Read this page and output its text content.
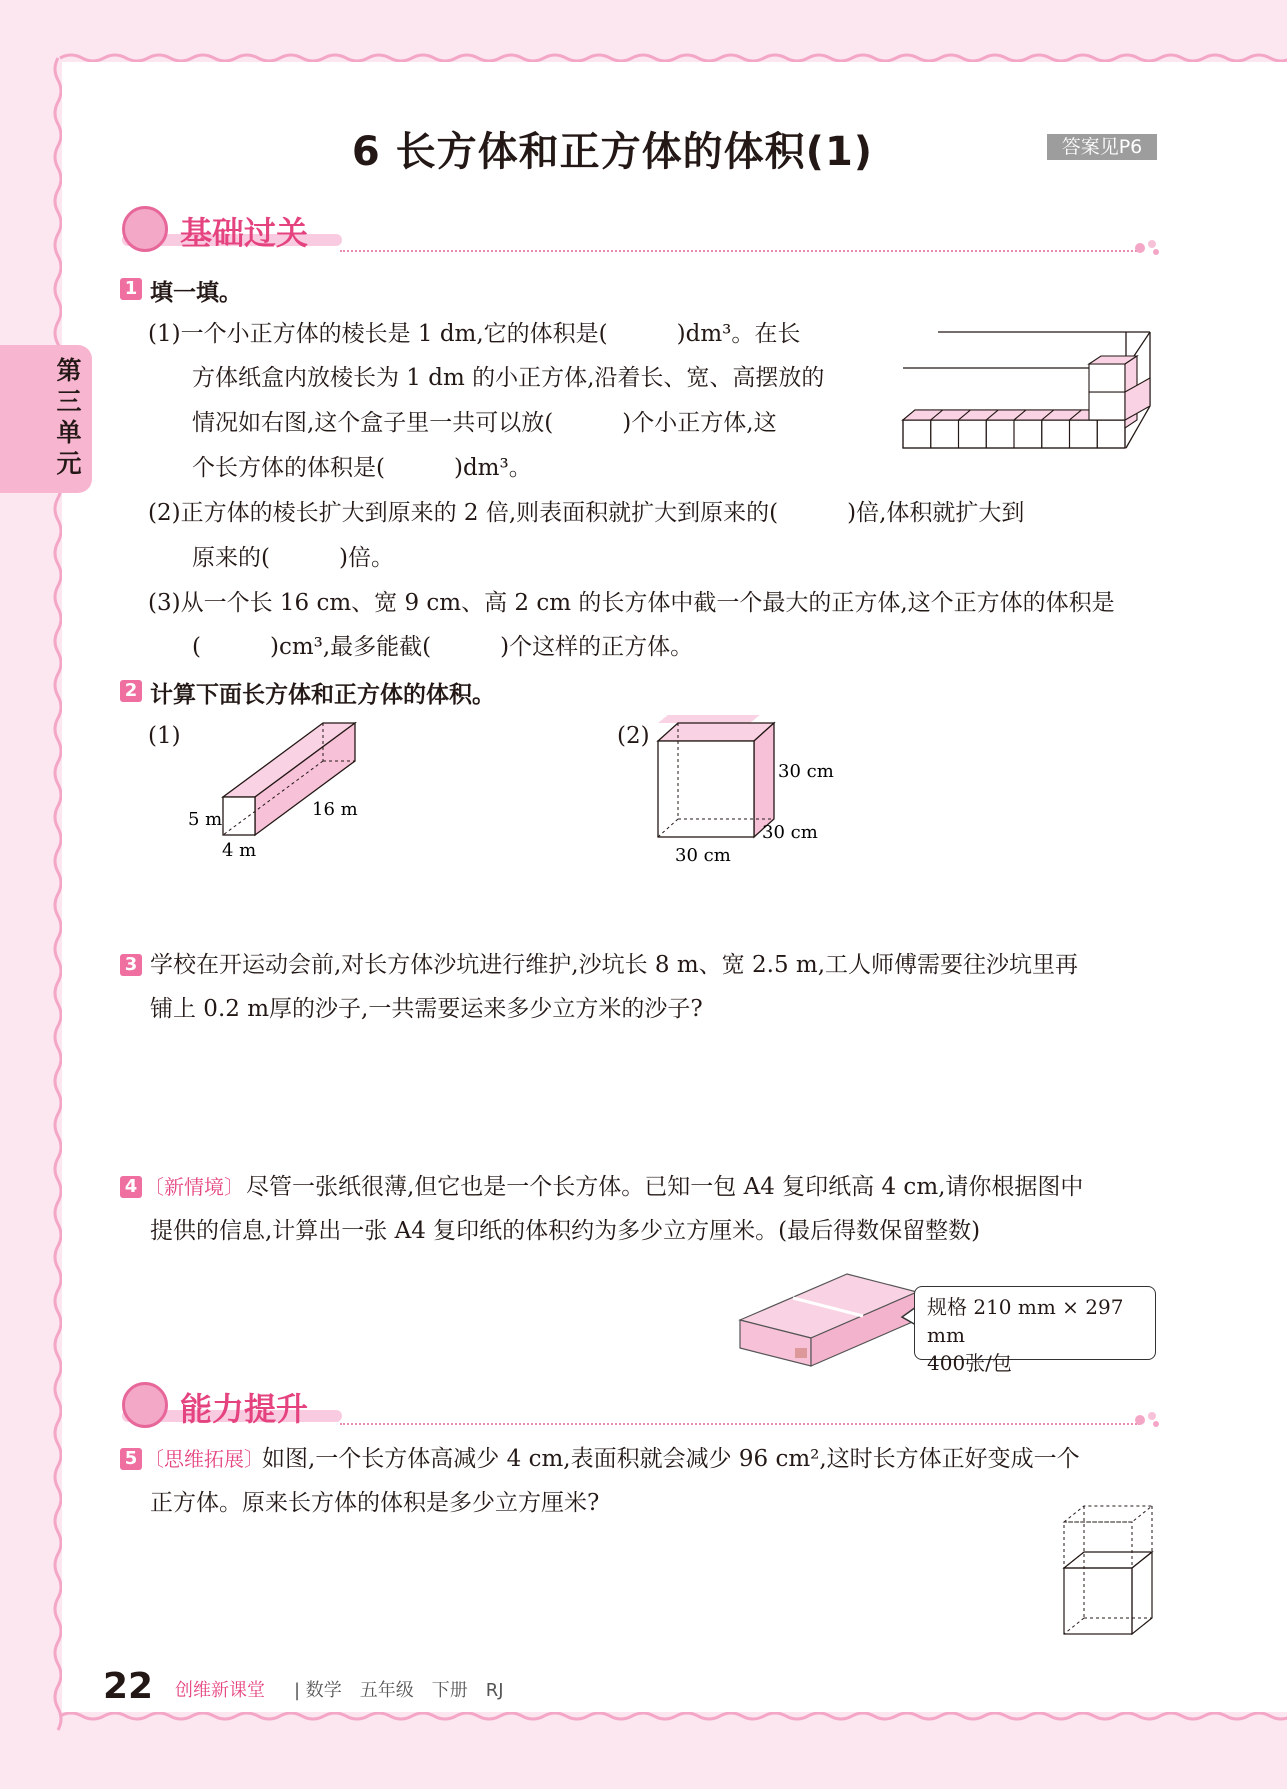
第三单元
6 长方体和正方体的体积(1)	答案见P6
基础过关
1 填一填。
(1)一个小正方体的棱长是 1 dm,它的体积是(　　　)dm³。在长
方体纸盒内放棱长为 1 dm 的小正方体,沿着长、宽、高摆放的
情况如右图,这个盒子里一共可以放(　　　)个小正方体,这
个长方体的体积是(　　　)dm³。
(2)正方体的棱长扩大到原来的 2 倍,则表面积就扩大到原来的(　　　)倍,体积就扩大到
原来的(　　　)倍。
(3)从一个长 16 cm、宽 9 cm、高 2 cm 的长方体中截一个最大的正方体,这个正方体的体积是
(　　　)cm³,最多能截(　　　)个这样的正方体。
2 计算下面长方体和正方体的体积。
(1)	(2)
5 m
4 m
16 m
30 cm
30 cm
30 cm
3 学校在开运动会前,对长方体沙坑进行维护,沙坑长 8 m、宽 2.5 m,工人师傅需要往沙坑里再
铺上 0.2 m厚的沙子,一共需要运来多少立方米的沙子?
4 〔新情境〕 尽管一张纸很薄,但它也是一个长方体。已知一包 A4 复印纸高 4 cm,请你根据图中
提供的信息,计算出一张 A4 复印纸的体积约为多少立方厘米。(最后得数保留整数)
规格 210 mm × 297 mm
400张/包
能力提升
5 〔思维拓展〕
如图,一个长方体高减少 4 cm,表面积就会减少 96 cm²,这时长方体正好变成一个
正方体。原来长方体的体积是多少立方厘米?
22 创维新课堂 | 数学　五年级　下册　RJ
